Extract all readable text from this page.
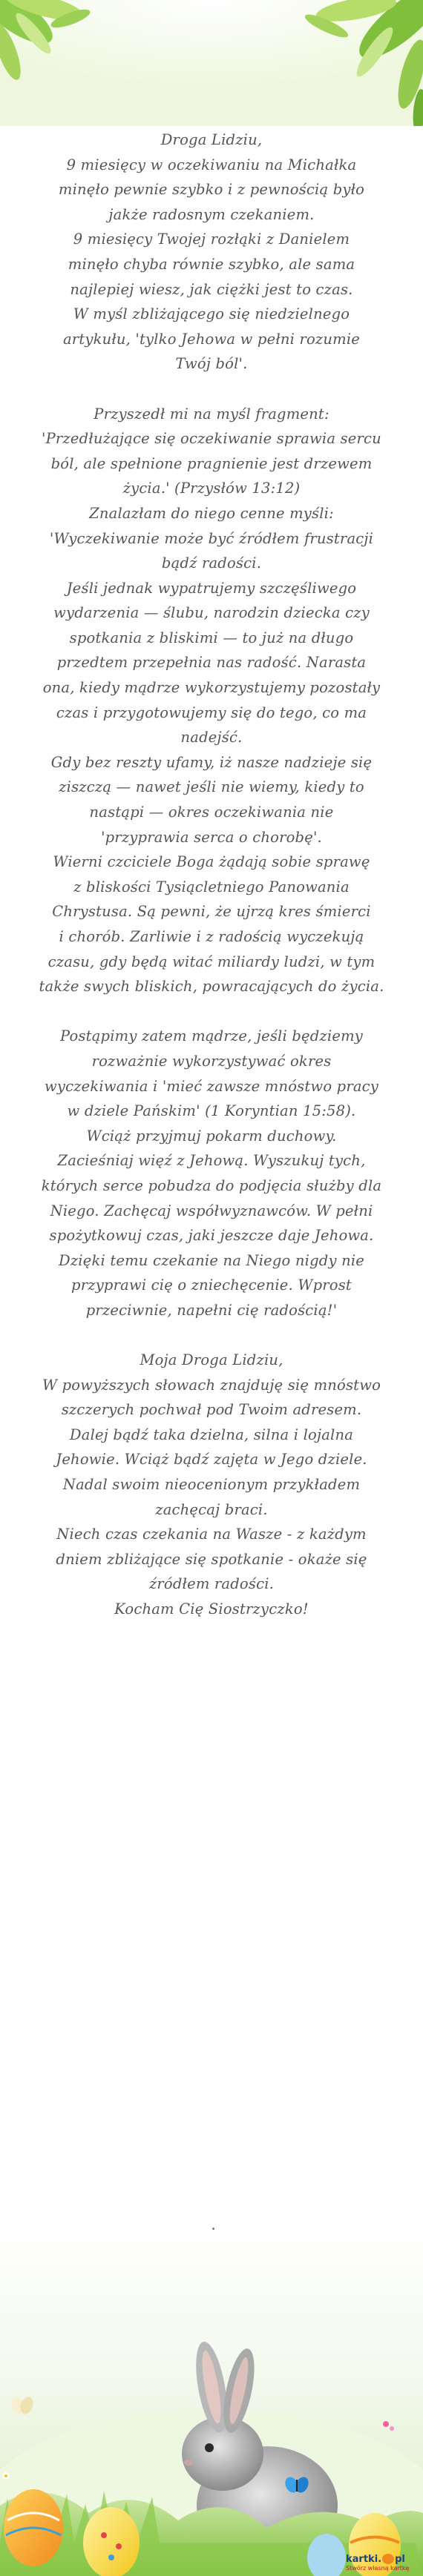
Droga Lidziu,
9 miesięcy w oczekiwaniu na Michałka
minęło pewnie szybko i z pewnością było
jakże radosnym czekaniem.
9 miesięcy Twojej rozłąki z Danielem
minęło chyba równie szybko, ale sama
najlepiej wiesz, jak ciężki jest to czas.
W myśl zbliżającego się niedzielnego
artykułu, 'tylko Jehowa w pełni rozumie
Twój ból'.
Przyszedł mi na myśl fragment:
'Przedłużające się oczekiwanie sprawia sercu
ból, ale spełnione pragnienie jest drzewem
życia.' (Przysłów 13:12)
Znalazłam do niego cenne myśli:
'Wyczekiwanie może być źródłem frustracji
bądź radości.
Jeśli jednak wypatrujemy szczęśliwego
wydarzenia — ślubu, narodzin dziecka czy
spotkania z bliskimi — to już na długo
przedtem przepełnia nas radość. Narasta
ona, kiedy mądrze wykorzystujemy pozostały
czas i przygotowujemy się do tego, co ma
nadejść.
Gdy bez reszty ufamy, iż nasze nadzieje się
ziszczą — nawet jeśli nie wiemy, kiedy to
nastąpi — okres oczekiwania nie
'przyprawia serca o chorobę'.
Wierni czciciele Boga żądają sobie sprawę
z bliskości Tysiącletniego Panowania
Chrystusa. Są pewni, że ujrzą kres śmierci
i chorób. Zarliwie i z radością wyczekują
czasu, gdy będą witać miliardy ludzi, w tym
także swych bliskich, powracających do życia.
Postąpimy zatem mądrze, jeśli będziemy
rozważnie wykorzystywać okres
wyczekiwania i 'mieć zawsze mnóstwo pracy
w dziele Pańskim' (1 Koryntian 15:58).
Wciąż przyjmuj pokarm duchowy.
Zacieśniaj więź z Jehową. Wyszukuj tych,
których serce pobudza do podjęcia służby dla
Niego. Zachęcaj współwyznawców. W pełni
spożytkowuj czas, jaki jeszcze daje Jehowa.
Dzięki temu czekanie na Niego nigdy nie
przyprawi cię o zniechęcenie. Wprost
przeciwnie, napełni cię radością!'
Moja Droga Lidziu,
W powyższych słowach znajduję się mnóstwo
szczerych pochwał pod Twoim adresem.
Dalej bądź taka dzielna, silna i lojalna
Jehowie. Wciąż bądź zajęta w Jego dziele.
Nadal swoim nieocenionym przykładem
zachęcaj braci.
Niech czas czekania na Wasze - z każdym
dniem zbliżające się spotkanie - okaże się
źródłem radości.
Kocham Cię Siostrzyczko!
kartki. pl
Stwórz własną kartkę
